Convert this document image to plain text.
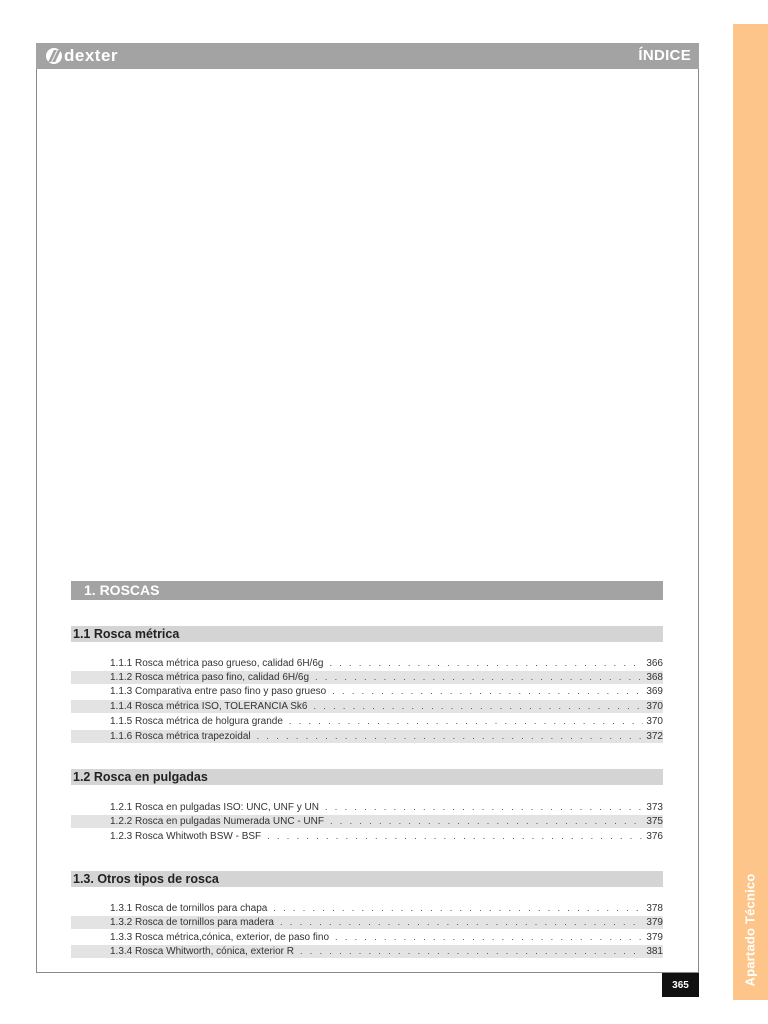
dexter	ÍNDICE
Apartado Técnico
1. ROSCAS
1.1 Rosca métrica
1.1.1 Rosca métrica paso grueso, calidad 6H/6g . . .	366
1.1.2 Rosca métrica paso fino, calidad 6H/6g . . .	368
1.1.3 Comparativa entre paso fino y paso grueso . . .	369
1.1.4 Rosca métrica ISO, TOLERANCIA Sk6 . . .	370
1.1.5 Rosca métrica de holgura grande . . .	370
1.1.6 Rosca métrica trapezoidal . . .	372
1.2 Rosca en pulgadas
1.2.1 Rosca en pulgadas ISO: UNC, UNF y UN . . .	373
1.2.2 Rosca en pulgadas Numerada UNC - UNF . . .	375
1.2.3 Rosca Whitwoth BSW - BSF . . .	376
1.3. Otros tipos de rosca
1.3.1 Rosca de tornillos para chapa . . .	378
1.3.2 Rosca de tornillos para madera . . .	379
1.3.3 Rosca métrica,cónica, exterior, de paso fino . . .	379
1.3.4 Rosca Whitworth, cónica, exterior R . . .	381
365
